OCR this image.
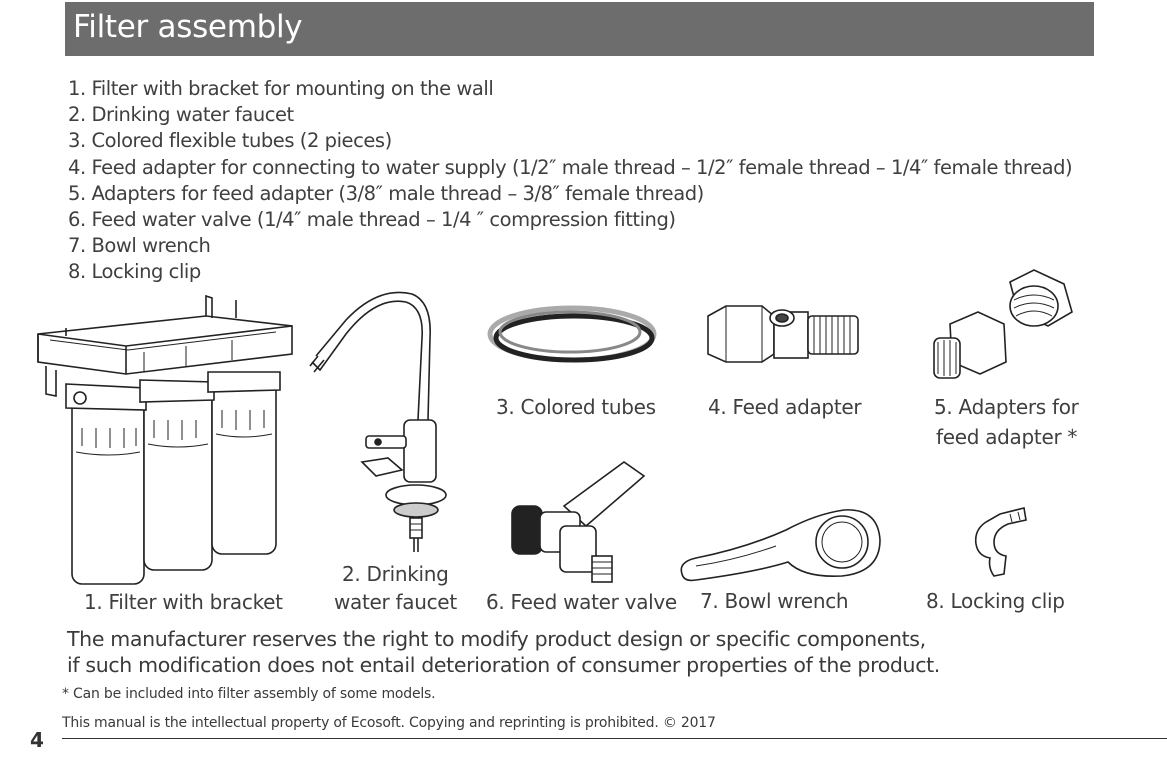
Filter assembly
1. Filter with bracket for mounting on the wall
2. Drinking water faucet
3. Colored flexible tubes (2 pieces)
4. Feed adapter for connecting to water supply (1/2″ male thread – 1/2″ female thread – 1/4″ female thread)
5. Adapters for feed adapter (3/8″ male thread – 3/8″ female thread)
6. Feed water valve (1/4″ male thread – 1/4 ″ compression fitting)
7. Bowl wrench
8. Locking clip
1. Filter with bracket
2. Drinking
water faucet
3. Colored tubes	4. Feed adapter	5. Adapters for
feed adapter *
6. Feed water valve 7. Bowl wrench	8. Locking clip
The manufacturer reserves the right to modify product design or specific components,
if such modification does not entail deterioration of consumer properties of the product.
* Can be included into filter assembly of some models.
This manual is the intellectual property of Ecosoft. Copying and reprinting is prohibited. © 2017
4
